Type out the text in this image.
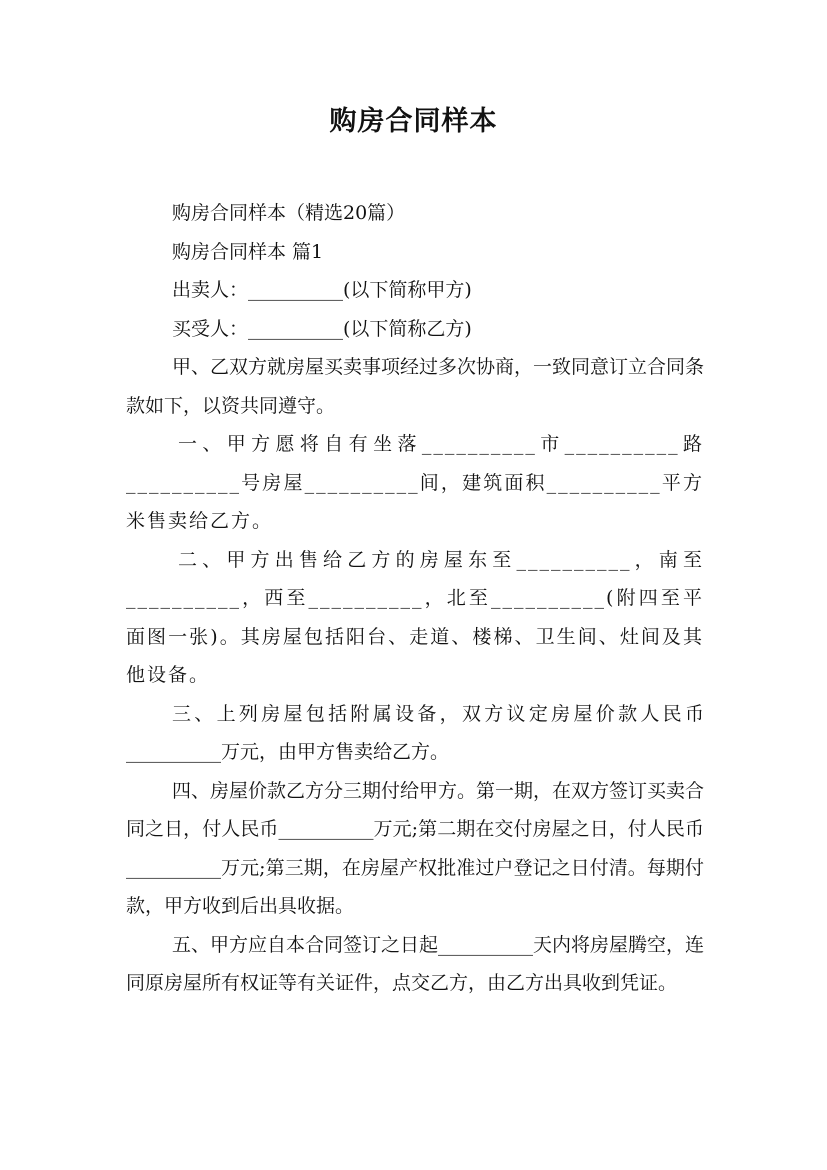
购房合同样本

购房合同样本（精选20篇）

购房合同样本 篇1

出卖人：__________(以下简称甲方)

买受人：__________(以下简称乙方)

甲、乙双方就房屋买卖事项经过多次协商，一致同意订立合同条款如下，以资共同遵守。

一、甲方愿将自有坐落__________市__________路__________号房屋__________间，建筑面积__________平方米售卖给乙方。

二、甲方出售给乙方的房屋东至__________，南至__________，西至__________，北至__________(附四至平面图一张)。其房屋包括阳台、走道、楼梯、卫生间、灶间及其他设备。

三、上列房屋包括附属设备，双方议定房屋价款人民币__________万元，由甲方售卖给乙方。

四、房屋价款乙方分三期付给甲方。第一期，在双方签订买卖合同之日，付人民币__________万元;第二期在交付房屋之日，付人民币__________万元;第三期，在房屋产权批准过户登记之日付清。每期付款，甲方收到后出具收据。

五、甲方应自本合同签订之日起__________天内将房屋腾空，连同原房屋所有权证等有关证件，点交乙方，由乙方出具收到凭证。
